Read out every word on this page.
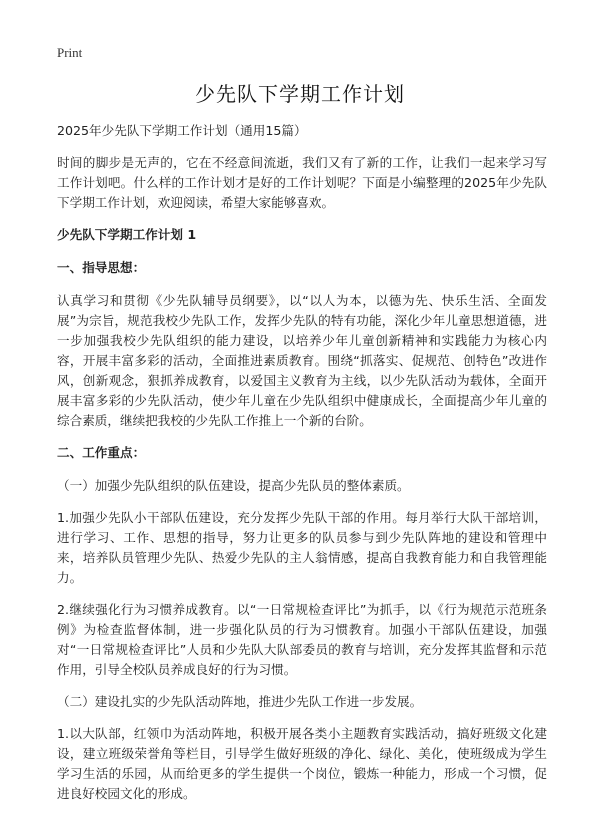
Print
少先队下学期工作计划

2025年少先队下学期工作计划（通用15篇）

时间的脚步是无声的，它在不经意间流逝，我们又有了新的工作，让我们一起来学习写工作计划吧。什么样的工作计划才是好的工作计划呢？下面是小编整理的2025年少先队下学期工作计划，欢迎阅读，希望大家能够喜欢。

少先队下学期工作计划 1

一、指导思想：

认真学习和贯彻《少先队辅导员纲要》，以“以人为本，以德为先、快乐生活、全面发展”为宗旨，规范我校少先队工作，发挥少先队的特有功能，深化少年儿童思想道德，进一步加强我校少先队组织的能力建设，以培养少年儿童创新精神和实践能力为核心内容，开展丰富多彩的活动，全面推进素质教育。围绕“抓落实、促规范、创特色”改进作风，创新观念，狠抓养成教育，以爱国主义教育为主线，以少先队活动为载体，全面开展丰富多彩的少先队活动，使少年儿童在少先队组织中健康成长，全面提高少年儿童的综合素质，继续把我校的少先队工作推上一个新的台阶。

二、工作重点：

（一）加强少先队组织的队伍建设，提高少先队员的整体素质。

1.加强少先队小干部队伍建设，充分发挥少先队干部的作用。每月举行大队干部培训，进行学习、工作、思想的指导，努力让更多的队员参与到少先队阵地的建设和管理中来，培养队员管理少先队、热爱少先队的主人翁情感，提高自我教育能力和自我管理能力。

2.继续强化行为习惯养成教育。以“一日常规检查评比”为抓手，以《行为规范示范班条例》为检查监督体制，进一步强化队员的行为习惯教育。加强小干部队伍建设，加强对“一日常规检查评比”人员和少先队大队部委员的教育与培训，充分发挥其监督和示范作用，引导全校队员养成良好的行为习惯。

（二）建设扎实的少先队活动阵地，推进少先队工作进一步发展。

1.以大队部，红领巾为活动阵地，积极开展各类小主题教育实践活动，搞好班级文化建设，建立班级荣誉角等栏目，引导学生做好班级的净化、绿化、美化，使班级成为学生学习生活的乐园，从而给更多的学生提供一个岗位，锻炼一种能力，形成一个习惯，促进良好校园文化的形成。
